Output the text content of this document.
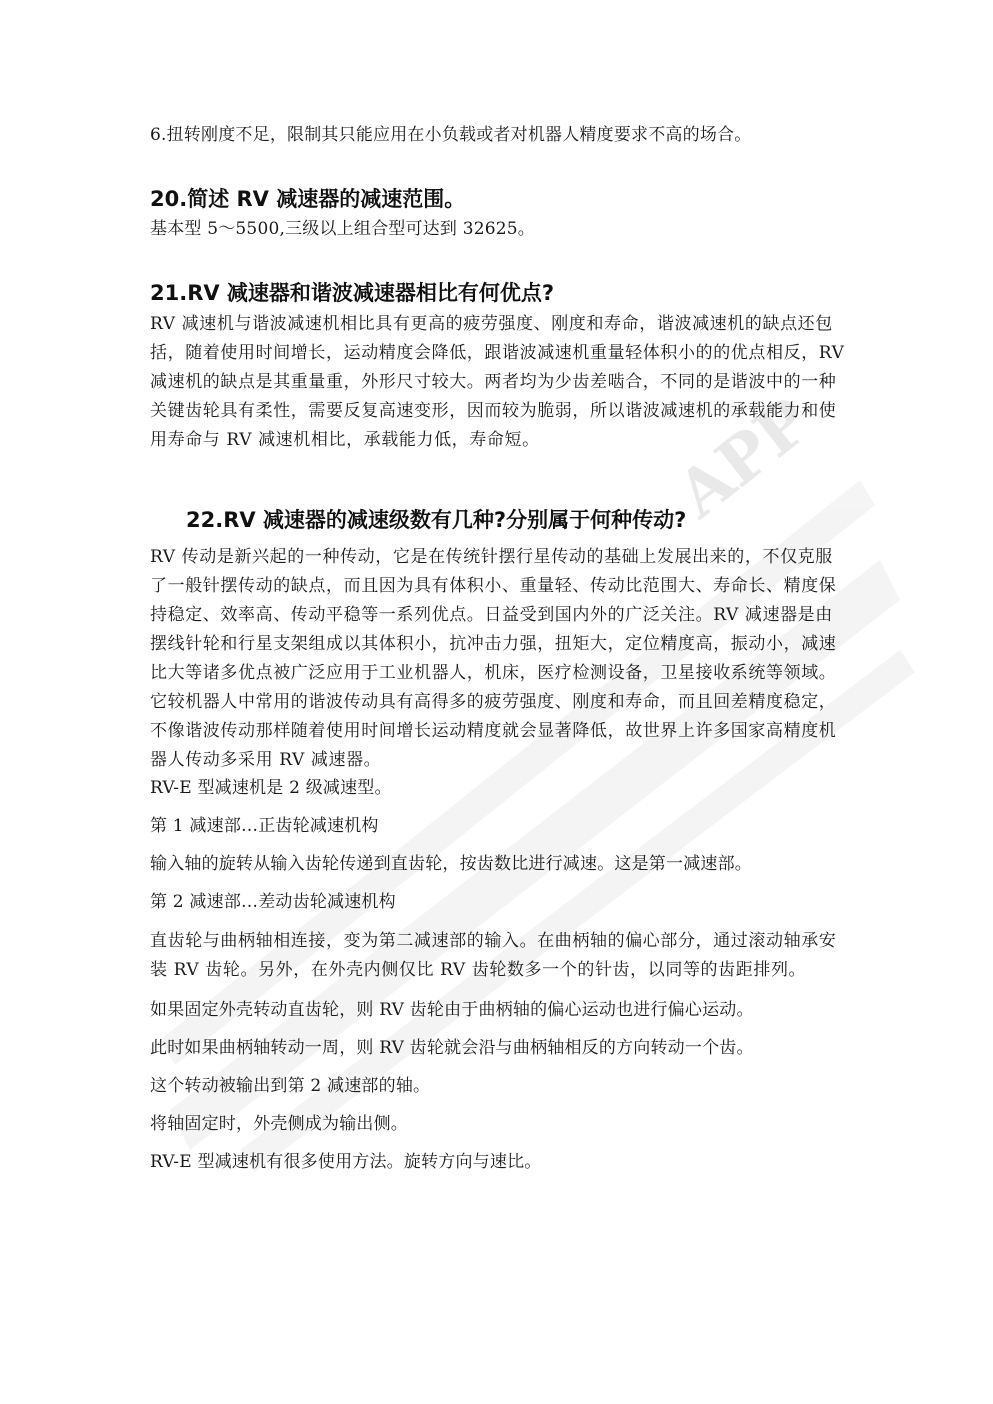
APP

6.扭转刚度不足，限制其只能应用在小负载或者对机器人精度要求不高的场合。

20.简述 RV 减速器的减速范围。

基本型 5～5500,三级以上组合型可达到 32625。

21.RV 减速器和谐波减速器相比有何优点?

RV 减速机与谐波减速机相比具有更高的疲劳强度、刚度和寿命，谐波减速机的缺点还包括，随着使用时间增长，运动精度会降低，跟谐波减速机重量轻体积小的的优点相反，RV 减速机的缺点是其重量重，外形尺寸较大。两者均为少齿差啮合，不同的是谐波中的一种关键齿轮具有柔性，需要反复高速变形，因而较为脆弱，所以谐波减速机的承载能力和使用寿命与 RV 减速机相比，承载能力低，寿命短。

22.RV 减速器的减速级数有几种?分别属于何种传动?

RV 传动是新兴起的一种传动，它是在传统针摆行星传动的基础上发展出来的，不仅克服了一般针摆传动的缺点，而且因为具有体积小、重量轻、传动比范围大、寿命长、精度保持稳定、效率高、传动平稳等一系列优点。日益受到国内外的广泛关注。RV 减速器是由摆线针轮和行星支架组成以其体积小，抗冲击力强，扭矩大，定位精度高，振动小，减速比大等诸多优点被广泛应用于工业机器人，机床，医疗检测设备，卫星接收系统等领域。它较机器人中常用的谐波传动具有高得多的疲劳强度、刚度和寿命，而且回差精度稳定，不像谐波传动那样随着使用时间增长运动精度就会显著降低，故世界上许多国家高精度机器人传动多采用 RV 减速器。

RV-E 型减速机是 2 级减速型。

第 1 减速部…正齿轮减速机构

输入轴的旋转从输入齿轮传递到直齿轮，按齿数比进行减速。这是第一减速部。

第 2 减速部…差动齿轮减速机构

直齿轮与曲柄轴相连接，变为第二减速部的输入。在曲柄轴的偏心部分，通过滚动轴承安装 RV 齿轮。另外，在外壳内侧仅比 RV 齿轮数多一个的针齿，以同等的齿距排列。

如果固定外壳转动直齿轮，则 RV 齿轮由于曲柄轴的偏心运动也进行偏心运动。

此时如果曲柄轴转动一周，则 RV 齿轮就会沿与曲柄轴相反的方向转动一个齿。

这个转动被输出到第 2 减速部的轴。

将轴固定时，外壳侧成为输出侧。

RV-E 型减速机有很多使用方法。旋转方向与速比。
